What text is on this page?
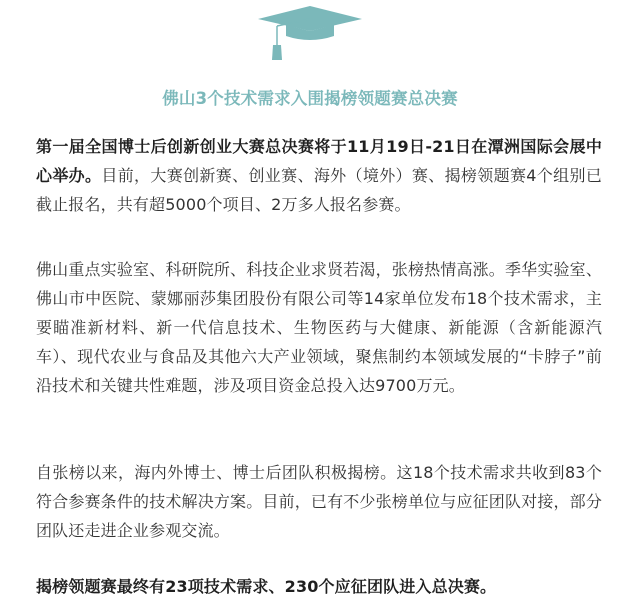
佛山3个技术需求入围揭榜领题赛总决赛

第一届全国博士后创新创业大赛总决赛将于11月19日-21日在潭洲国际会展中心举办。目前，大赛创新赛、创业赛、海外（境外）赛、揭榜领题赛4个组别已截止报名，共有超5000个项目、2万多人报名参赛。

佛山重点实验室、科研院所、科技企业求贤若渴，张榜热情高涨。季华实验室、佛山市中医院、蒙娜丽莎集团股份有限公司等14家单位发布18个技术需求，主要瞄准新材料、新一代信息技术、生物医药与大健康、新能源（含新能源汽车）、现代农业与食品及其他六大产业领域，聚焦制约本领域发展的“卡脖子”前沿技术和关键共性难题，涉及项目资金总投入达9700万元。

自张榜以来，海内外博士、博士后团队积极揭榜。这18个技术需求共收到83个符合参赛条件的技术解决方案。目前，已有不少张榜单位与应征团队对接，部分团队还走进企业参观交流。

揭榜领题赛最终有23项技术需求、230个应征团队进入总决赛。
